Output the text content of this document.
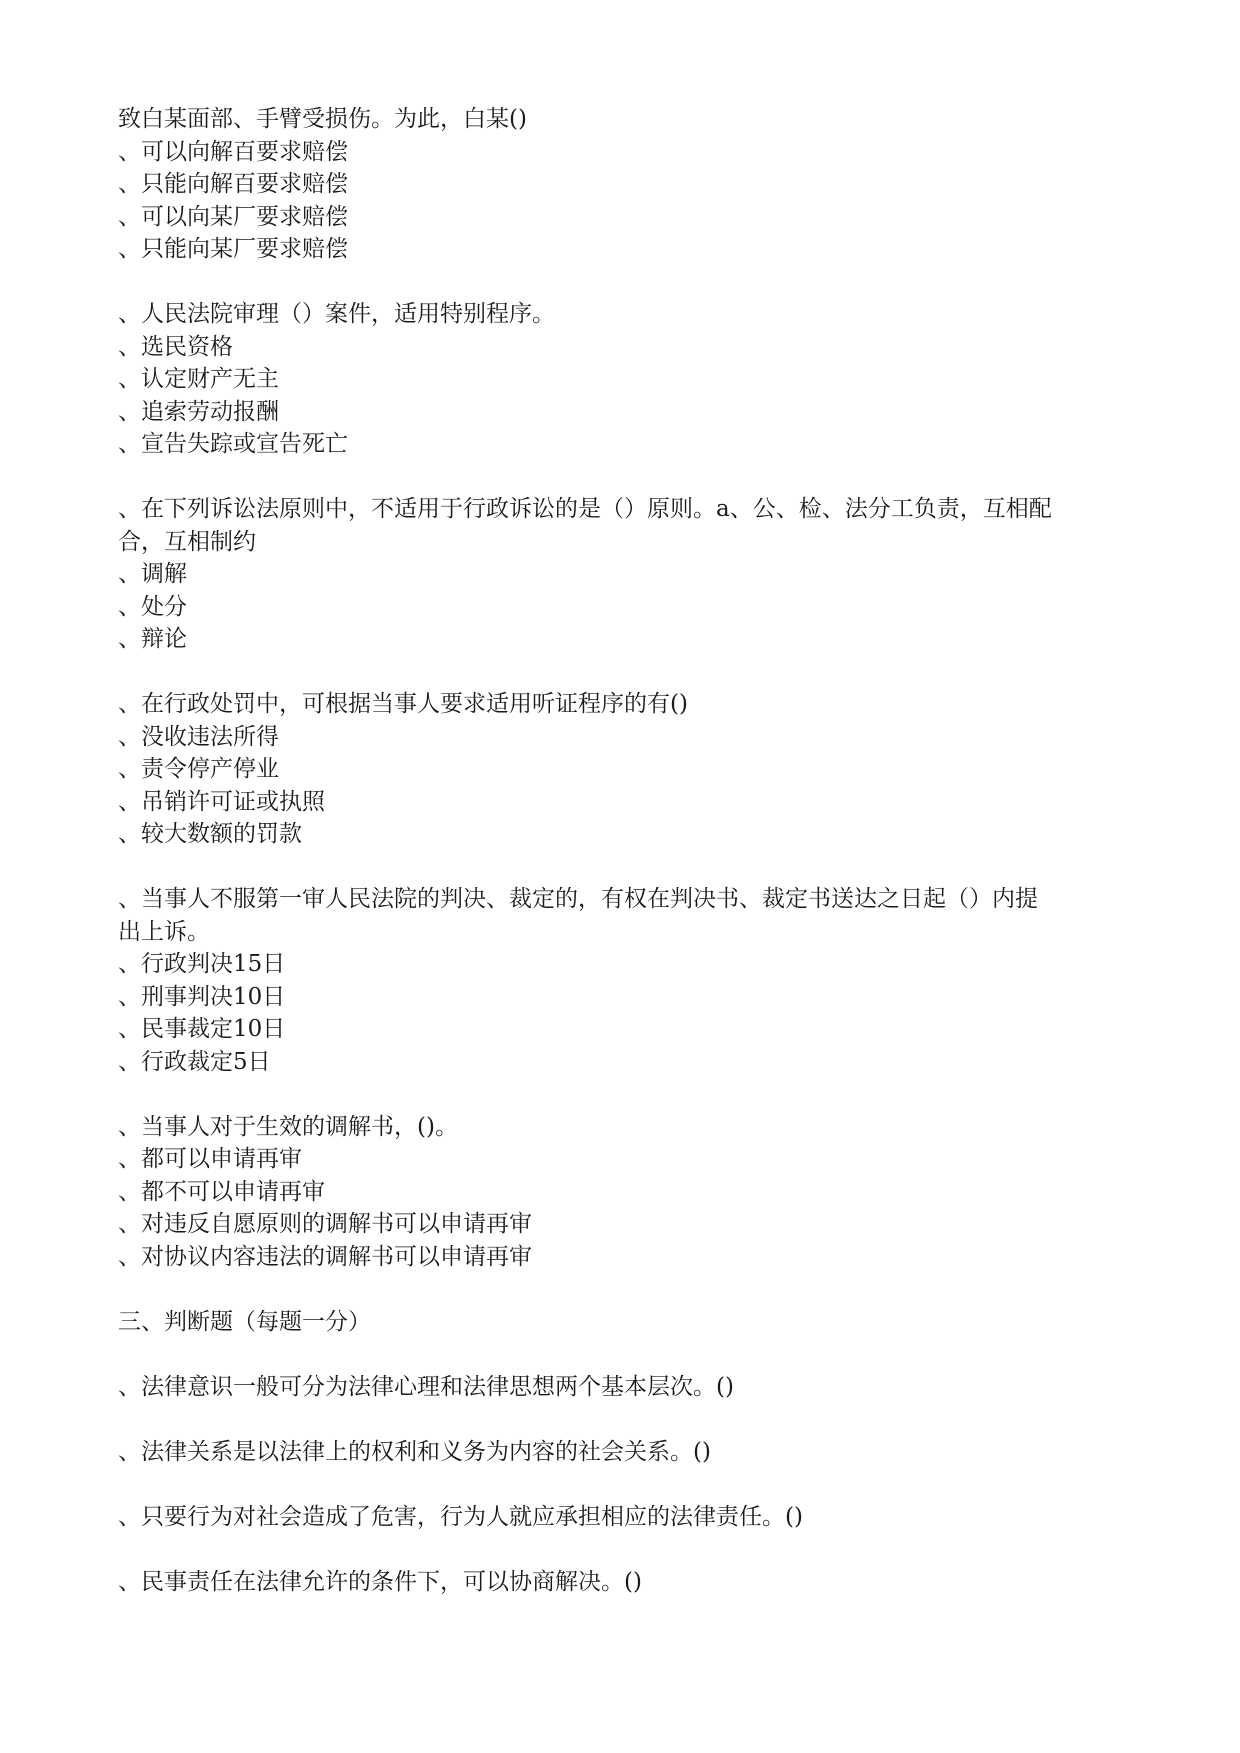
致白某面部、手臂受损伤。为此，白某()

、可以向解百要求赔偿

、只能向解百要求赔偿

、可以向某厂要求赔偿

、只能向某厂要求赔偿

、人民法院审理（）案件，适用特别程序。

、选民资格

、认定财产无主

、追索劳动报酬

、宣告失踪或宣告死亡

、在下列诉讼法原则中，不适用于行政诉讼的是（）原则。a、公、检、法分工负责，互相配

合，互相制约

、调解

、处分

、辩论

、在行政处罚中，可根据当事人要求适用听证程序的有()

、没收违法所得

、责令停产停业

、吊销许可证或执照

、较大数额的罚款

、当事人不服第一审人民法院的判决、裁定的，有权在判决书、裁定书送达之日起（）内提

出上诉。

、行政判决15日

、刑事判决10日

、民事裁定10日

、行政裁定5日

、当事人对于生效的调解书，()。

、都可以申请再审

、都不可以申请再审

、对违反自愿原则的调解书可以申请再审

、对协议内容违法的调解书可以申请再审

三、判断题（每题一分）

、法律意识一般可分为法律心理和法律思想两个基本层次。()

、法律关系是以法律上的权利和义务为内容的社会关系。()

、只要行为对社会造成了危害，行为人就应承担相应的法律责任。()

、民事责任在法律允许的条件下，可以协商解决。()
